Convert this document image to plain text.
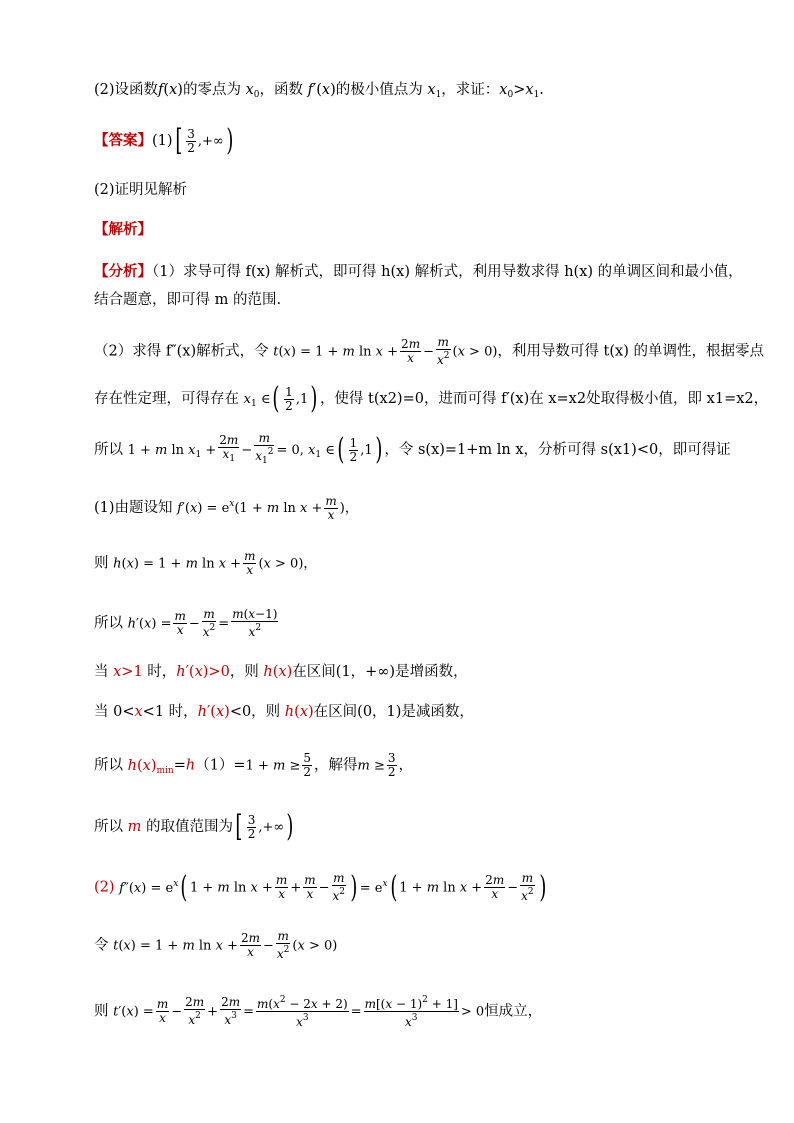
(2)设函数f(x)的零点为 $x_0$，函数 f′(x)的极小值点为 $x_1$，求证：$x_0>x_1$.
【答案】$(1)[ \frac{3}{2}$ ,+∞)
(2)证明见解析
【解析】
【分析】（1）求导可得 f(x) 解析式，即可得 h(x) 解析式，利用导数求得 h(x) 的单调区间和最小值，
结合题意，即可得 m 的范围.
（2）求得 f″(x)解析式，令 t(x) = 1 + m $\ln x + \frac{2m}{x} - \frac{m}{x^2} (x > 0)$，利用导数可得 t(x) 的单调性，根据零点
存在性定理，可得存在 $x_1$ ∈( $\frac{1}{2} ,1$) ，使得 t(x2)=0，进而可得 f′(x)在 x=x2处取得极小值，即 x1=x2，
所以 1 + m $\ln x_1 + \frac{2m}{x_1} - \frac{m}{x_1^2} = 0$, $x_1$ ∈( $\frac{1}{2} ,1$) ，令 s(x)=1+m ln x，分析可得 s(x1)<0，即可得证
(1)由题设知 $f'(x) = e^x(1 + m$ $\ln x + \frac{m}{x}$ )，
则 h(x) = 1 + m $\ln x + \frac{m}{x} (x > 0)$，
所以 $h'(x) = \frac{m}{x} - \frac{m}{x^2} = \frac{m(x-1)}{x^2}$
当 x>1 时，h′(x)>0，则 h(x)在区间(1，+∞)是增函数，
当 0<x<1 时，h′(x)<0，则 h(x)在区间(0，1)是减函数，
所以 $h(x)_{min}=h(1)=1 + m \ge \frac{5}{2}$ ，解得$m \ge \frac{3}{2}$ ，
所以 m 的取值范围为[ $\frac{3}{2}$ ,+∞)
(2) $f''(x) = e^x$( 1 + m $\ln x + \frac{m}{x} + \frac{m}{x} - \frac{m}{x^2}$ ) = $e^x$( 1 + m $\ln x + \frac{2m}{x} - \frac{m}{x^2}$ )
令 t(x) = 1 + m $\ln x + \frac{2m}{x} - \frac{m}{x^2} (x > 0)$
则 $t'(x) = \frac{m}{x} - \frac{2m}{x^2} + \frac{2m}{x^3} = \frac{m(x^2 - 2x + 2)}{x^3} = \frac{m[(x - 1)^2 + 1]}{x^3} > 0$恒成立，
